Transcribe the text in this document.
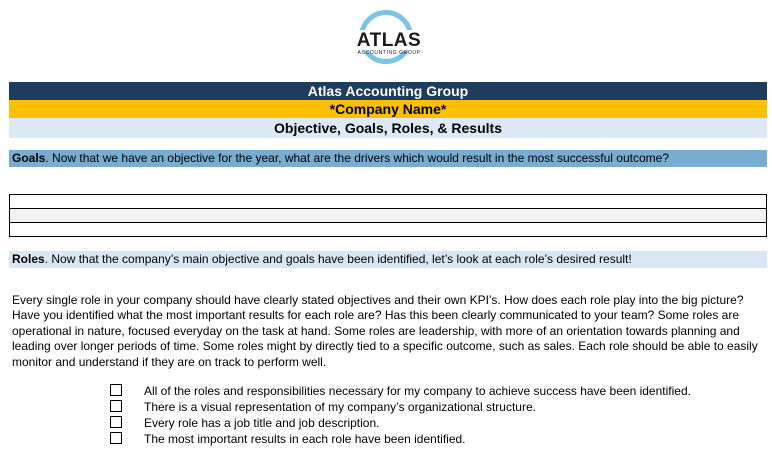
ATLAS
ACCOUNTING GROUP
Atlas Accounting Group
*Company Name*
Objective, Goals, Roles, & Results
Goals. Now that we have an objective for the year, what are the drivers which would result in the most successful outcome?
Roles. Now that the company’s main objective and goals have been identified, let’s look at each role’s desired result!

Every single role in your company should have clearly stated objectives and their own KPI’s. How does each role play into the big picture? Have you identified what the most important results for each role are? Has this been clearly communicated to your team? Some roles are operational in nature, focused everyday on the task at hand. Some roles are leadership, with more of an orientation towards planning and leading over longer periods of time. Some roles might by directly tied to a specific outcome, such as sales. Each role should be able to easily monitor and understand if they are on track to perform well.

All of the roles and responsibilities necessary for my company to achieve success have been identified.
There is a visual representation of my company’s organizational structure.
Every role has a job title and job description.
The most important results in each role have been identified.
